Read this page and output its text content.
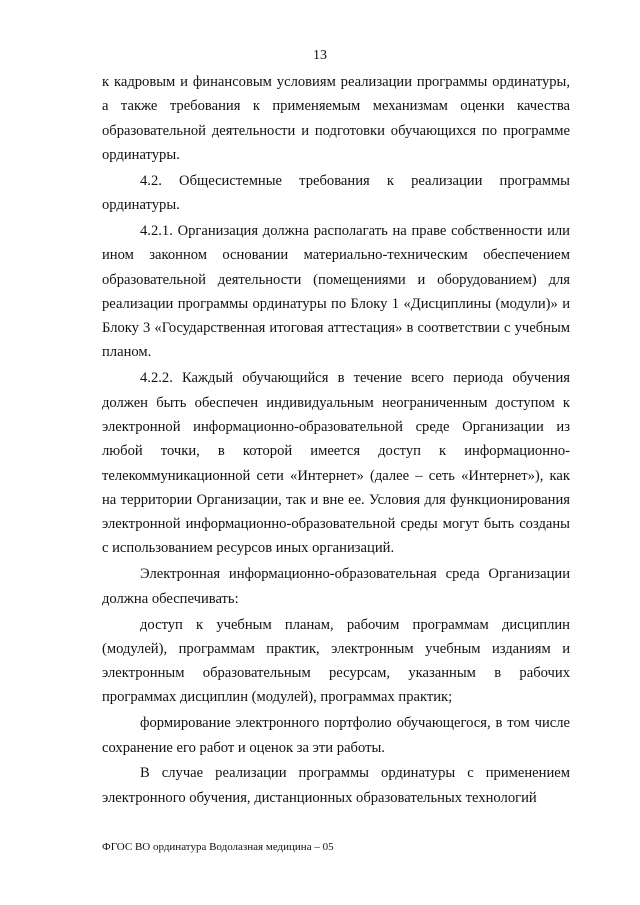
13

к кадровым и финансовым условиям реализации программы ординатуры, а также требования к применяемым механизмам оценки качества образовательной деятельности и подготовки обучающихся по программе ординатуры.

4.2. Общесистемные требования к реализации программы ординатуры.

4.2.1. Организация должна располагать на праве собственности или ином законном основании материально-техническим обеспечением образовательной деятельности (помещениями и оборудованием) для реализации программы ординатуры по Блоку 1 «Дисциплины (модули)» и Блоку 3 «Государственная итоговая аттестация» в соответствии с учебным планом.

4.2.2. Каждый обучающийся в течение всего периода обучения должен быть обеспечен индивидуальным неограниченным доступом к электронной информационно-образовательной среде Организации из любой точки, в которой имеется доступ к информационно-телекоммуникационной сети «Интернет» (далее – сеть «Интернет»), как на территории Организации, так и вне ее. Условия для функционирования электронной информационно-образовательной среды могут быть созданы с использованием ресурсов иных организаций.

Электронная информационно-образовательная среда Организации должна обеспечивать:

доступ к учебным планам, рабочим программам дисциплин (модулей), программам практик, электронным учебным изданиям и электронным образовательным ресурсам, указанным в рабочих программах дисциплин (модулей), программах практик;

формирование электронного портфолио обучающегося, в том числе сохранение его работ и оценок за эти работы.

В случае реализации программы ординатуры с применением электронного обучения, дистанционных образовательных технологий

ФГОС ВО ординатура Водолазная медицина – 05
